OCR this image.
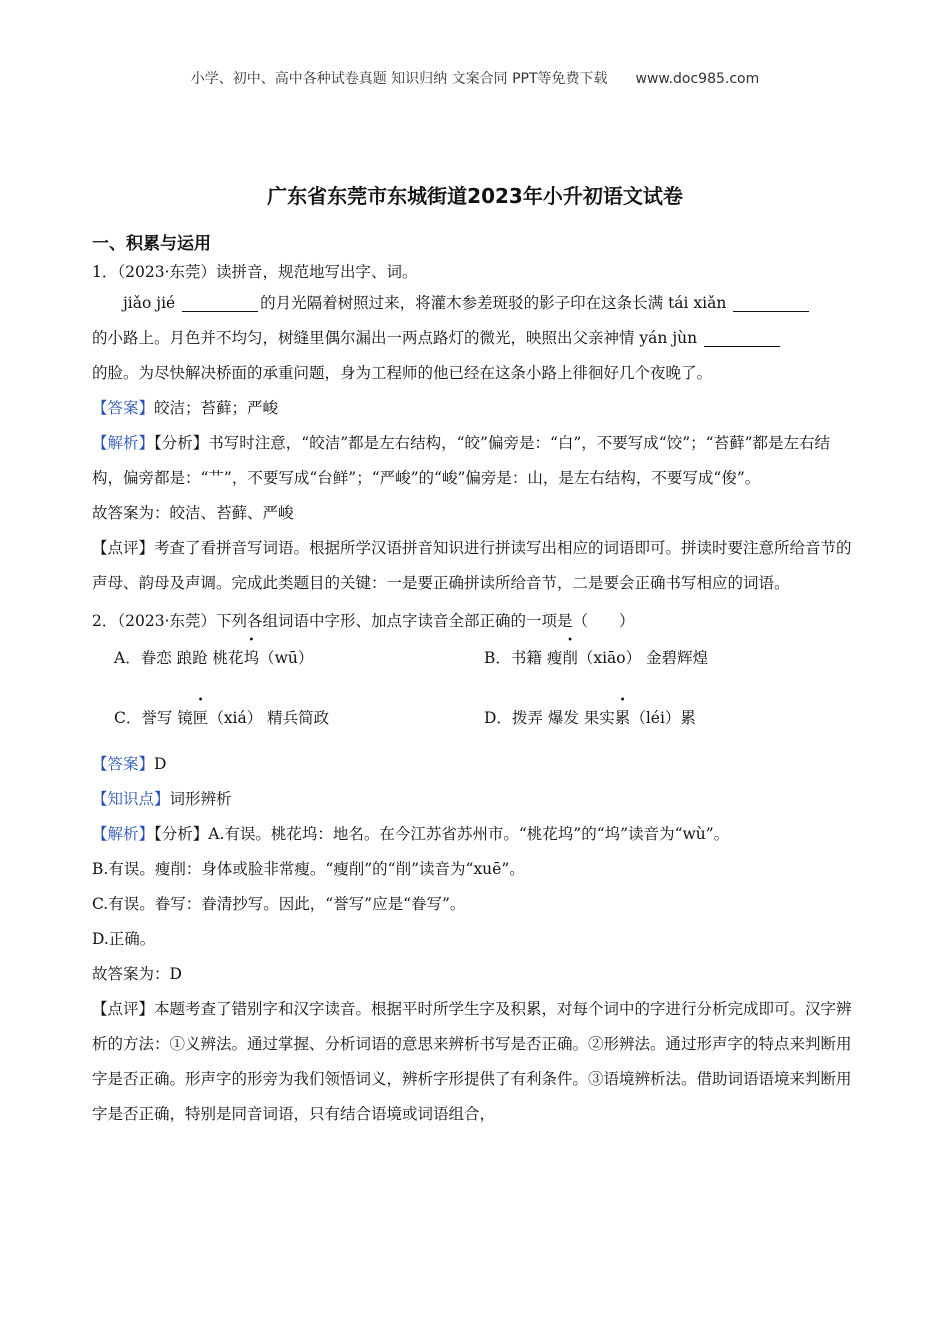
小学、初中、高中各种试卷真题 知识归纳 文案合同 PPT等免费下载 www.doc985.com
广东省东莞市东城街道2023年小升初语文试卷
一、积累与运用
1．（2023·东莞）读拼音，规范地写出字、词。

jiǎo jié	的月光隔着树照过来，将灌木参差斑驳的影子印在这条长满 tái xiǎn

的小路上。月色并不均匀，树缝里偶尔漏出一两点路灯的微光，映照出父亲神情 yán jùn

的脸。为尽快解决桥面的承重问题，身为工程师的他已经在这条小路上徘徊好几个夜晚了。

【答案】皎洁；苔藓；严峻

【解析】【分析】书写时注意，“皎洁”都是左右结构，“皎”偏旁是：“白”，不要写成“饺”；“苔藓”都是左右结构，偏旁都是：“艹”，不要写成“台鲜”；“严峻”的“峻”偏旁是：山，是左右结构，不要写成“俊”。

故答案为：皎洁、苔藓、严峻

【点评】考查了看拼音写词语。根据所学汉语拼音知识进行拼读写出相应的词语即可。拼读时要注意所给音节的声母、韵母及声调。完成此类题目的关键：一是要正确拼读所给音节，二是要会正确书写相应的词语。

2．（2023·东莞）下列各组词语中字形、加点字读音全部正确的一项是（　　）
A．眷恋 踉跄 桃花坞（wū）	B．书籍 瘦削（xiāo） 金碧辉煌
C．誉写 镜匣（xiá） 精兵简政	D．拨弄 爆发 果实累（léi）累

【答案】D

【知识点】词形辨析

【解析】【分析】A.有误。桃花坞：地名。在今江苏省苏州市。“桃花坞”的“坞”读音为“wù”。

B.有误。瘦削：身体或脸非常瘦。“瘦削”的“削”读音为“xuē”。

C.有误。眷写：眷清抄写。因此，“誉写”应是“眷写”。

D.正确。

故答案为：D

【点评】本题考查了错别字和汉字读音。根据平时所学生字及积累，对每个词中的字进行分析完成即可。汉字辨析的方法：①义辨法。通过掌握、分析词语的意思来辨析书写是否正确。②形辨法。通过形声字的特点来判断用字是否正确。形声字的形旁为我们领悟词义，辨析字形提供了有利条件。③语境辨析法。借助词语语境来判断用字是否正确，特别是同音词语，只有结合语境或词语组合，
